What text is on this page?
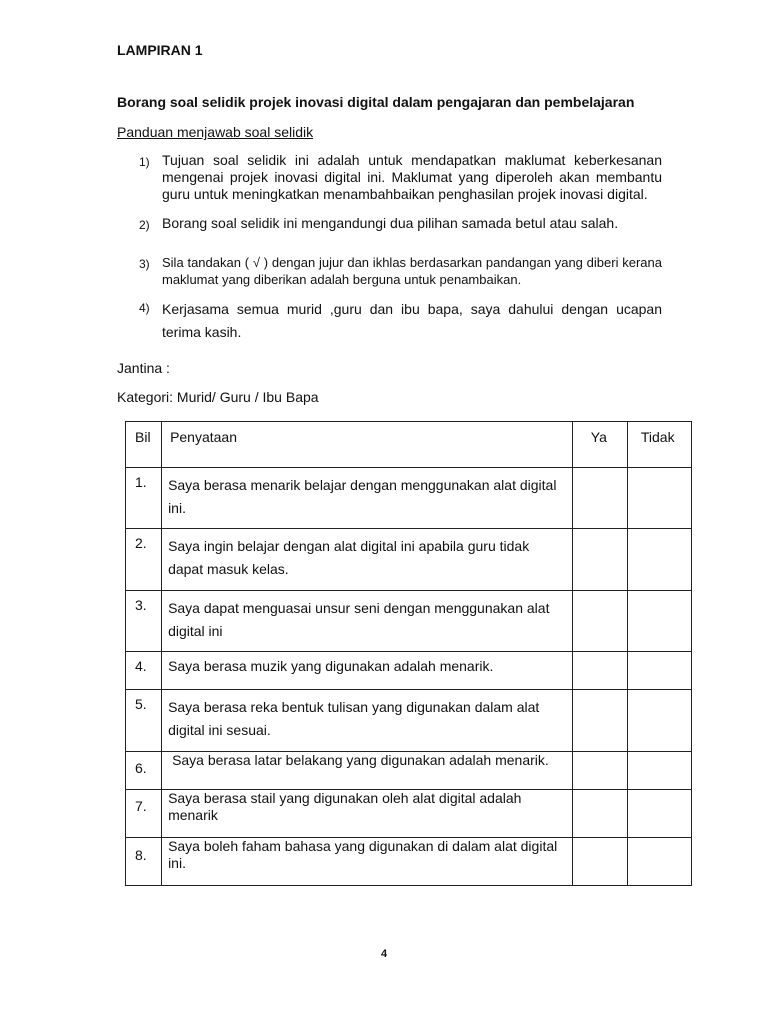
LAMPIRAN 1
Borang soal selidik projek inovasi digital dalam pengajaran dan pembelajaran
Panduan menjawab soal selidik
1) Tujuan soal selidik ini adalah untuk mendapatkan maklumat keberkesanan mengenai projek inovasi digital ini. Maklumat yang diperoleh akan membantu guru untuk meningkatkan menambahbaikan penghasilan projek inovasi digital.
2) Borang soal selidik ini mengandungi dua pilihan samada betul atau salah.
3) Sila tandakan ( √ ) dengan jujur dan ikhlas berdasarkan pandangan yang diberi kerana maklumat yang diberikan adalah berguna untuk penambaikan.
4) Kerjasama semua murid ,guru dan ibu bapa, saya dahului dengan ucapan terima kasih.
Jantina :
Kategori: Murid/ Guru / Ibu Bapa
Bil	Penyataan	Ya	Tidak
1.	Saya berasa menarik belajar dengan menggunakan alat digital ini.		
2.	Saya ingin belajar dengan alat digital ini apabila guru tidak dapat masuk kelas.		
3.	Saya dapat menguasai unsur seni dengan menggunakan alat digital ini		
4.	Saya berasa muzik yang digunakan adalah menarik.		
5.	Saya berasa reka bentuk tulisan yang digunakan dalam alat digital ini sesuai.		
6.	Saya berasa latar belakang yang digunakan adalah menarik.		
7.	Saya berasa stail yang digunakan oleh alat digital adalah menarik		
8.	Saya boleh faham bahasa yang digunakan di dalam alat digital ini.		
4
